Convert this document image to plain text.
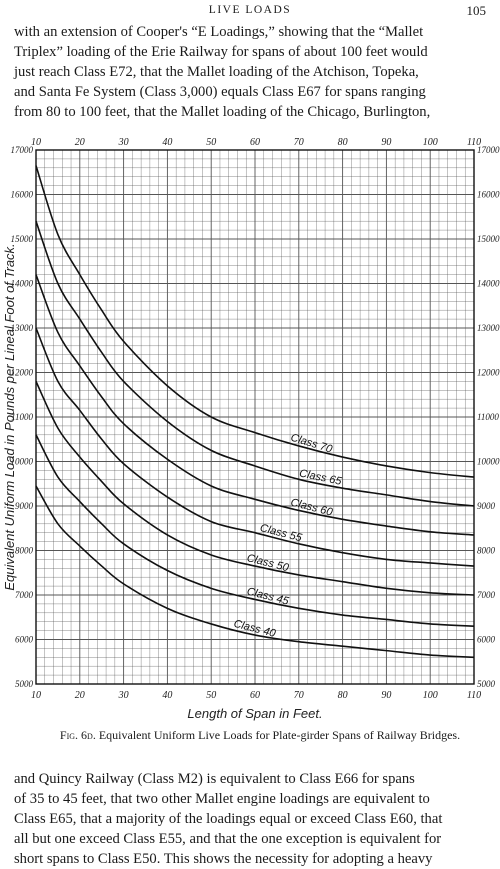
LIVE LOADS	105
with an extension of Cooper's “E Loadings,” showing that the “Mallet
Triplex” loading of the Erie Railway for spans of about 100 feet would
just reach Class E72, that the Mallet loading of the Atchison, Topeka,
and Santa Fe System (Class 3,000) equals Class E67 for spans ranging
from 80 to 100 feet, that the Mallet loading of the Chicago, Burlington,
10
10
20
20
30
30
40
40
50
50
60
60
70
70
80
80
90
90
100
100
110
110
5000	5000
6000	6000
7000	7000
8000	8000
9000	9000
10000	10000
11000	11000
12000	12000
13000	13000
14000	14000
15000	15000
16000	16000
17000	17000
Length of Span in Feet.
Equivalent Uniform Load in Pounds per Lineal Foot of Track.	Class 70
Class 65
Class 60
Class 55
Class 50
Class 45
Class 40
Fig. 6d. Equivalent Uniform Live Loads for Plate-girder Spans of Railway Bridges.
and Quincy Railway (Class M2) is equivalent to Class E66 for spans
of 35 to 45 feet, that two other Mallet engine loadings are equivalent to
Class E65, that a majority of the loadings equal or exceed Class E60, that
all but one exceed Class E55, and that the one exception is equivalent for
short spans to Class E50. This shows the necessity for adopting a heavy
